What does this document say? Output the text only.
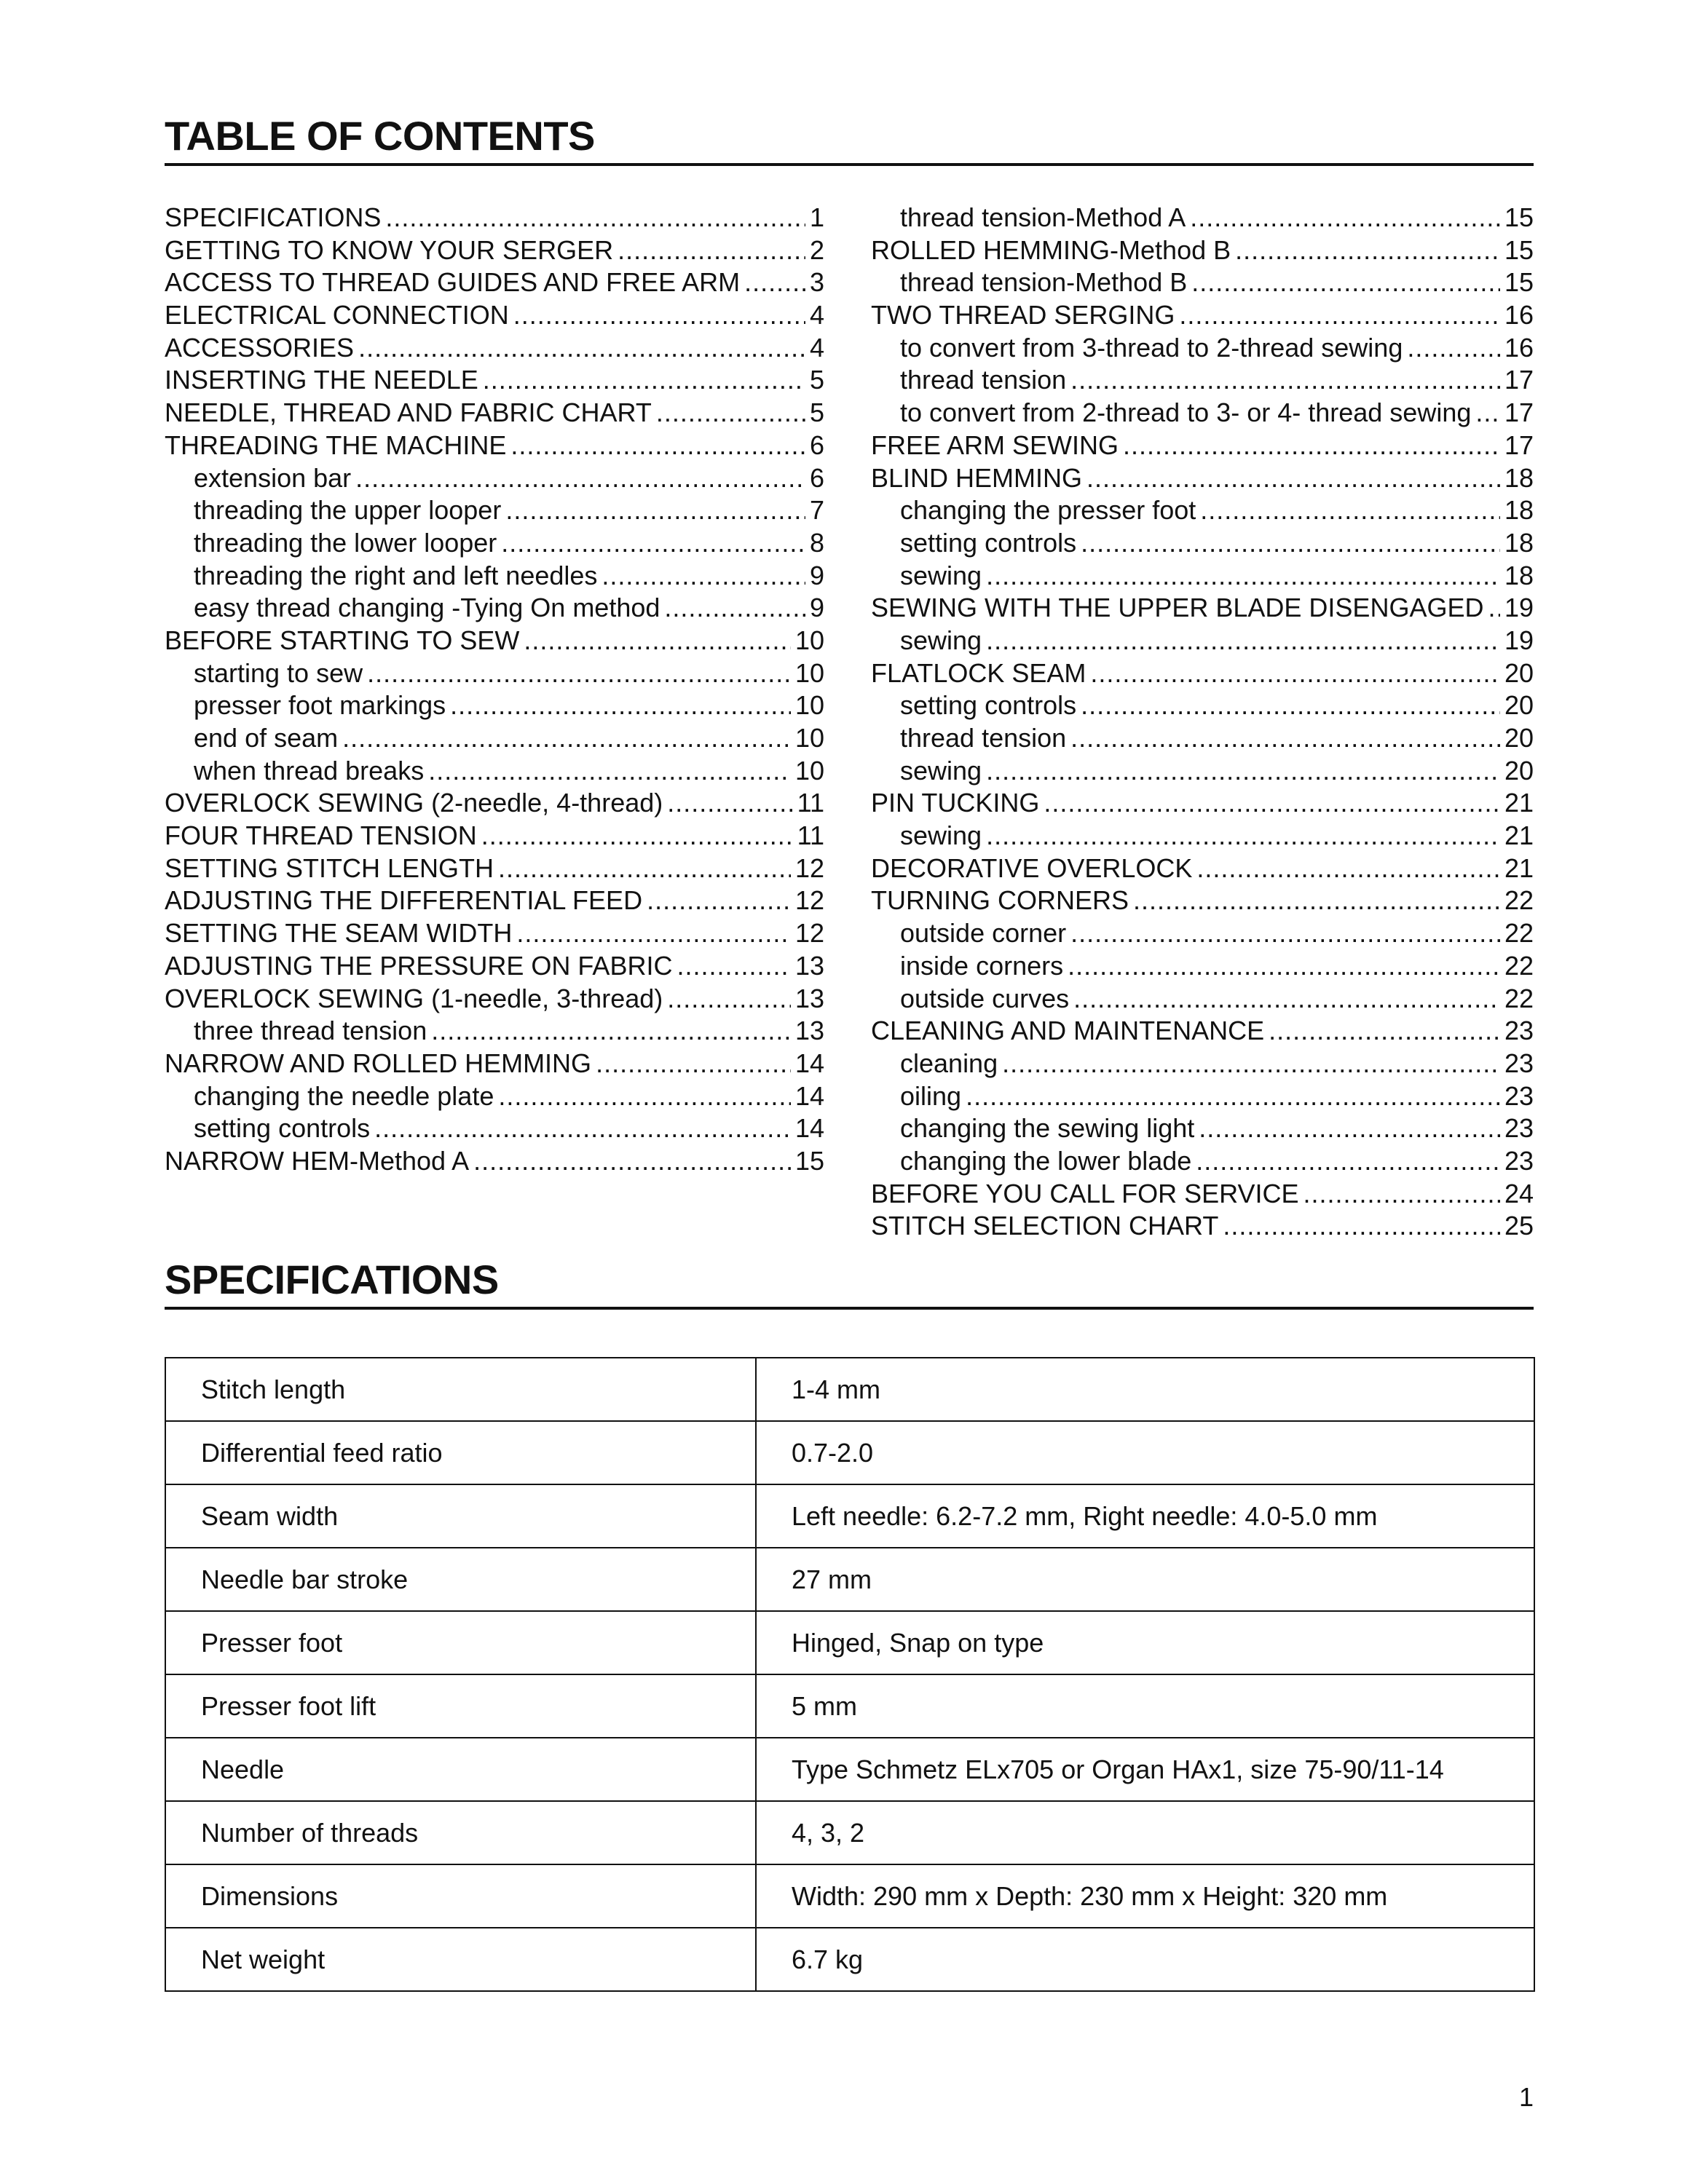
TABLE OF CONTENTS
SPECIFICATIONS .....	1
GETTING TO KNOW YOUR SERGER .....	2
ACCESS TO THREAD GUIDES AND FREE ARM .....	3
ELECTRICAL CONNECTION .....	4
ACCESSORIES .....	4
INSERTING THE NEEDLE .....	5
NEEDLE, THREAD AND FABRIC CHART .....	5
THREADING THE MACHINE .....	6
extension bar .....	6
threading the upper looper .....	7
threading the lower looper .....	8
threading the right and left needles .....	9
easy thread changing -Tying On method .....	9
BEFORE STARTING TO SEW .....	10
starting to sew .....	10
presser foot markings .....	10
end of seam .....	10
when thread breaks .....	10
OVERLOCK SEWING (2-needle, 4-thread) .....	11
FOUR THREAD TENSION .....	11
SETTING STITCH LENGTH .....	12
ADJUSTING THE DIFFERENTIAL FEED .....	12
SETTING THE SEAM WIDTH .....	12
ADJUSTING THE PRESSURE ON FABRIC .....	13
OVERLOCK SEWING (1-needle, 3-thread) .....	13
three thread tension .....	13
NARROW AND ROLLED HEMMING .....	14
changing the needle plate .....	14
setting controls .....	14
NARROW HEM-Method A .....	15
thread tension-Method A .....	15
ROLLED HEMMING-Method B .....	15
thread tension-Method B .....	15
TWO THREAD SERGING .....	16
to convert from 3-thread to 2-thread sewing .....	16
thread tension .....	17
to convert from 2-thread to 3- or 4- thread sewing ..... 17
FREE ARM SEWING .....	17
BLIND HEMMING .....	18
changing the presser foot .....	18
setting controls .....	18
sewing .....	18
SEWING WITH THE UPPER BLADE DISENGAGED ..... 19
sewing .....	19
FLATLOCK SEAM .....	20
setting controls .....	20
thread tension .....	20
sewing .....	20
PIN TUCKING .....	21
sewing .....	21
DECORATIVE OVERLOCK .....	21
TURNING CORNERS .....	22
outside corner .....	22
inside corners .....	22
outside curves .....	22
CLEANING AND MAINTENANCE .....	23
cleaning .....	23
oiling .....	23
changing the sewing light .....	23
changing the lower blade .....	23
BEFORE YOU CALL FOR SERVICE .....	24
STITCH SELECTION CHART .....	25
SPECIFICATIONS
Stitch length	1-4 mm
Differential feed ratio	0.7-2.0
Seam width	Left needle: 6.2-7.2 mm, Right needle: 4.0-5.0 mm
Needle bar stroke	27 mm
Presser foot	Hinged, Snap on type
Presser foot lift	5 mm
Needle	Type Schmetz ELx705 or Organ HAx1, size 75-90/11-14
Number of threads	4, 3, 2
Dimensions	Width: 290 mm x Depth: 230 mm x Height: 320 mm
Net weight	6.7 kg
1
